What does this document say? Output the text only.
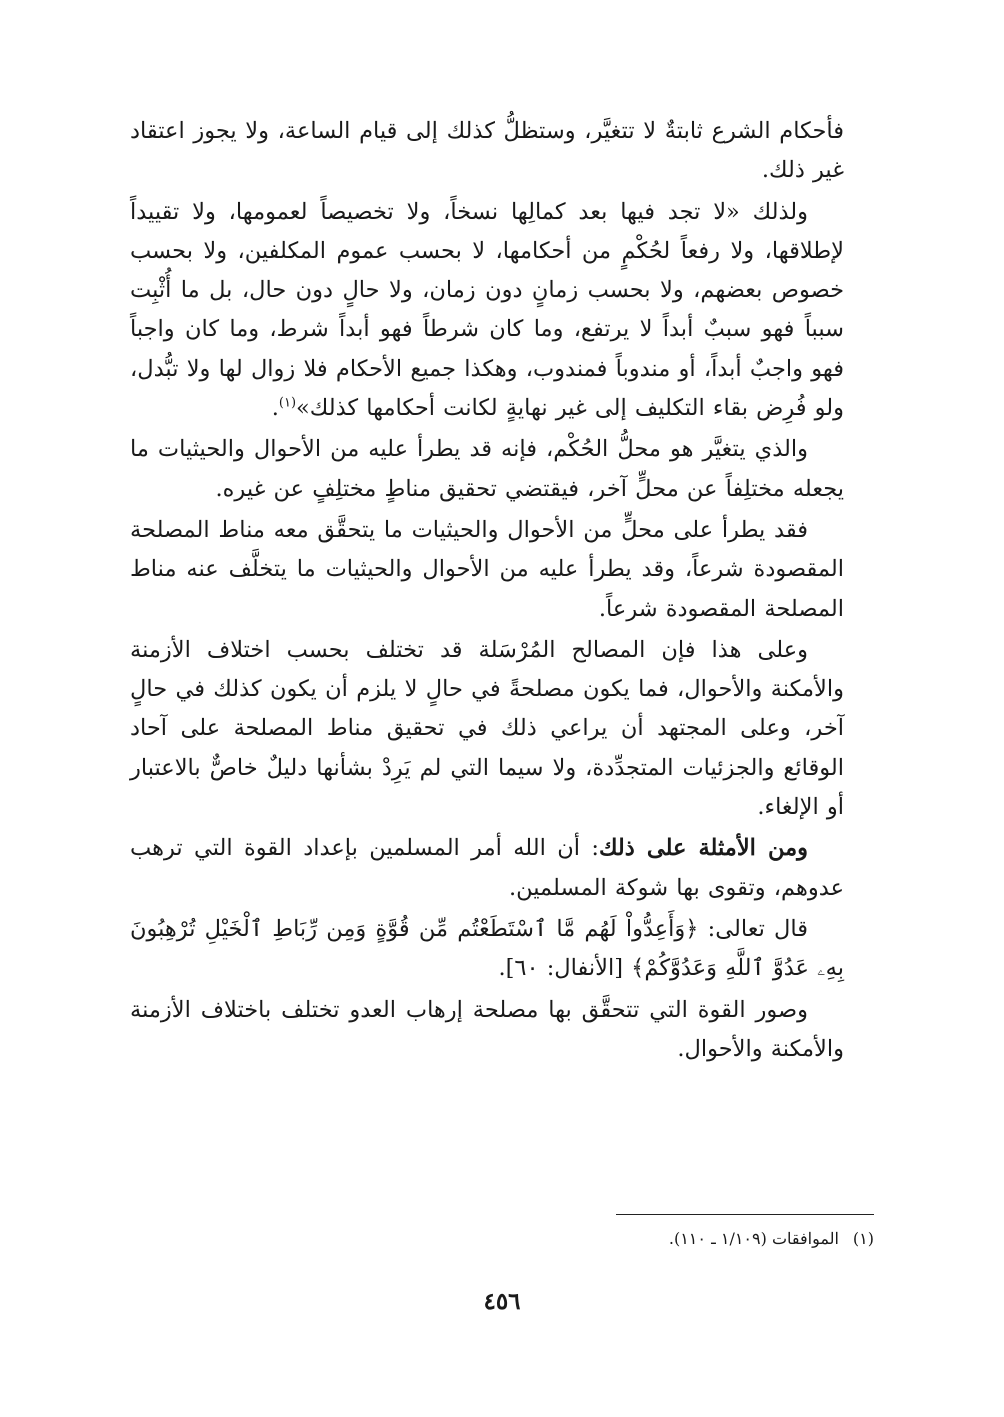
فأحكام الشرع ثابتةٌ لا تتغيَّر، وستظلُّ كذلك إلى قيام الساعة، ولا يجوز اعتقاد غير ذلك.

ولذلك «لا تجد فيها بعد كمالِها نسخاً، ولا تخصيصاً لعمومها، ولا تقييداً لإطلاقها، ولا رفعاً لحُكْمٍ من أحكامها، لا بحسب عموم المكلفين، ولا بحسب خصوص بعضهم، ولا بحسب زمانٍ دون زمان، ولا حالٍ دون حال، بل ما أُثْبِت سبباً فهو سببٌ أبداً لا يرتفع، وما كان شرطاً فهو أبداً شرط، وما كان واجباً فهو واجبٌ أبداً، أو مندوباً فمندوب، وهكذا جميع الأحكام فلا زوال لها ولا تبُّدل، ولو فُرِض بقاء التكليف إلى غير نهايةٍ لكانت أحكامها كذلك»$^{(١)}$.

والذي يتغيَّر هو محلُّ الحُكْم، فإنه قد يطرأ عليه من الأحوال والحيثيات ما يجعله مختلِفاً عن محلٍّ آخر، فيقتضي تحقيق مناطٍ مختلِفٍ عن غيره.

فقد يطرأ على محلٍّ من الأحوال والحيثيات ما يتحقَّق معه مناط المصلحة المقصودة شرعاً، وقد يطرأ عليه من الأحوال والحيثيات ما يتخلَّف عنه مناط المصلحة المقصودة شرعاً.

وعلى هذا فإن المصالح المُرْسَلة قد تختلف بحسب اختلاف الأزمنة والأمكنة والأحوال، فما يكون مصلحةً في حالٍ لا يلزم أن يكون كذلك في حالٍ آخر، وعلى المجتهد أن يراعي ذلك في تحقيق مناط المصلحة على آحاد الوقائع والجزئيات المتجدِّدة، ولا سيما التي لم يَرِدْ بشأنها دليلٌ خاصٌّ بالاعتبار أو الإلغاء.

ومن الأمثلة على ذلك: أن الله أمر المسلمين بإعداد القوة التي ترهب عدوهم، وتقوى بها شوكة المسلمين.

قال تعالى: ﴿وَأَعِدُّواْ لَهُم مَّا ٱسْتَطَعْتُم مِّن قُوَّةٍ وَمِن رِّبَاطِ ٱلْخَيْلِ تُرْهِبُونَ بِهِۦ عَدُوَّ ٱللَّهِ وَعَدُوَّكُمْ﴾ [الأنفال: ٦٠].

وصور القوة التي تتحقَّق بها مصلحة إرهاب العدو تختلف باختلاف الأزمنة والأمكنة والأحوال.

(١)الموافقات (١/١٠٩ ـ ١١٠).
٤٥٦
